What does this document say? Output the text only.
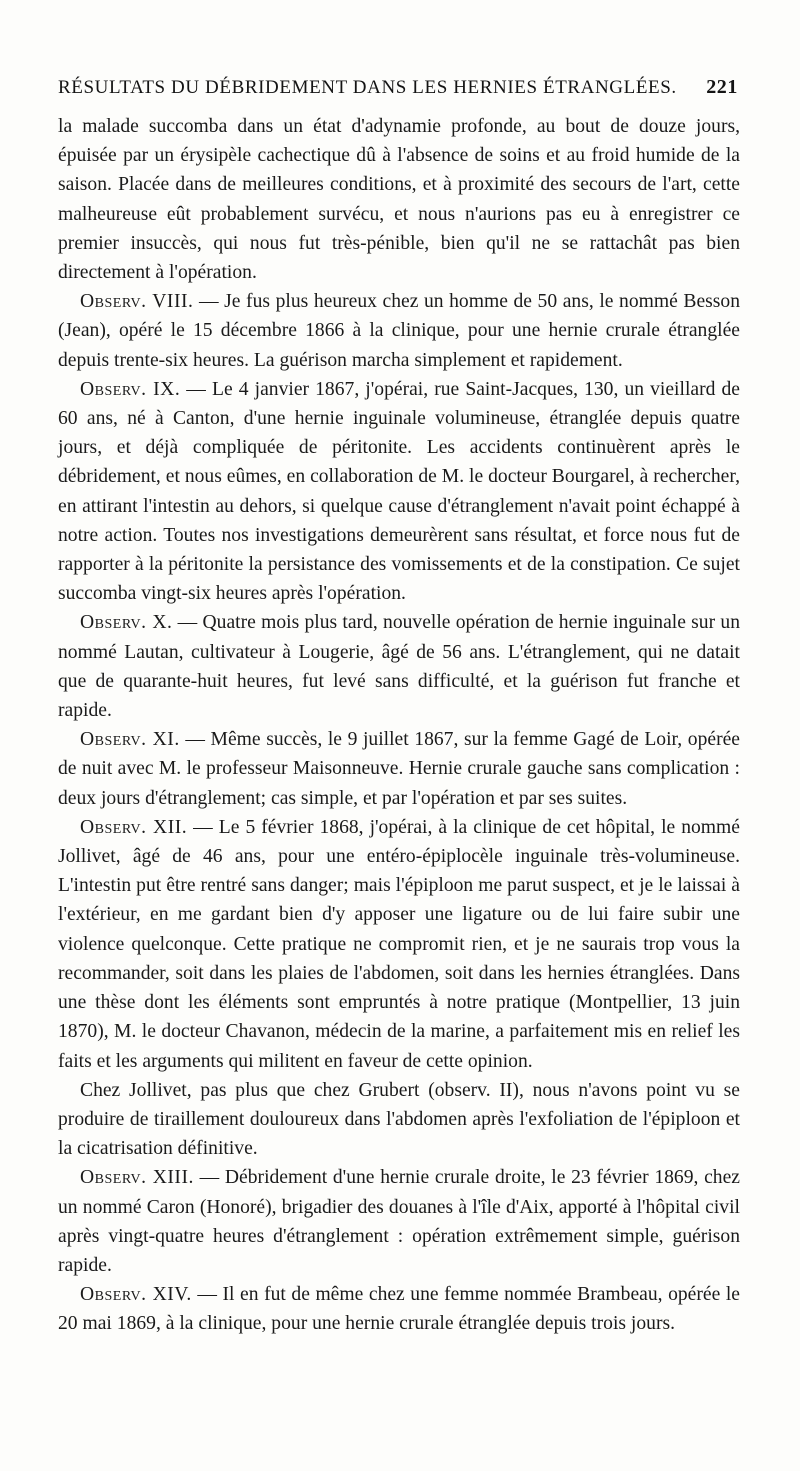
RÉSULTATS DU DÉBRIDEMENT DANS LES HERNIES ÉTRANGLÉES. 221

la malade succomba dans un état d'adynamie profonde, au bout de douze jours, épuisée par un érysipèle cachectique dû à l'absence de soins et au froid humide de la saison. Placée dans de meilleures conditions, et à proximité des secours de l'art, cette malheureuse eût probablement survécu, et nous n'aurions pas eu à enregistrer ce premier insuccès, qui nous fut très-pénible, bien qu'il ne se rattachât pas bien directement à l'opération.

Observ. VIII. — Je fus plus heureux chez un homme de 50 ans, le nommé Besson (Jean), opéré le 15 décembre 1866 à la clinique, pour une hernie crurale étranglée depuis trente-six heures. La guérison marcha simplement et rapidement.

Observ. IX. — Le 4 janvier 1867, j'opérai, rue Saint-Jacques, 130, un vieillard de 60 ans, né à Canton, d'une hernie inguinale volumineuse, étranglée depuis quatre jours, et déjà compliquée de péritonite. Les accidents continuèrent après le débridement, et nous eûmes, en collaboration de M. le docteur Bourgarel, à rechercher, en attirant l'intestin au dehors, si quelque cause d'étranglement n'avait point échappé à notre action. Toutes nos investigations demeurèrent sans résultat, et force nous fut de rapporter à la péritonite la persistance des vomissements et de la constipation. Ce sujet succomba vingt-six heures après l'opération.

Observ. X. — Quatre mois plus tard, nouvelle opération de hernie inguinale sur un nommé Lautan, cultivateur à Lougerie, âgé de 56 ans. L'étranglement, qui ne datait que de quarante-huit heures, fut levé sans difficulté, et la guérison fut franche et rapide.

Observ. XI. — Même succès, le 9 juillet 1867, sur la femme Gagé de Loir, opérée de nuit avec M. le professeur Maisonneuve. Hernie crurale gauche sans complication : deux jours d'étranglement; cas simple, et par l'opération et par ses suites.

Observ. XII. — Le 5 février 1868, j'opérai, à la clinique de cet hôpital, le nommé Jollivet, âgé de 46 ans, pour une entéro-épiplocèle inguinale très-volumineuse. L'intestin put être rentré sans danger; mais l'épiploon me parut suspect, et je le laissai à l'extérieur, en me gardant bien d'y apposer une ligature ou de lui faire subir une violence quelconque. Cette pratique ne compromit rien, et je ne saurais trop vous la recommander, soit dans les plaies de l'abdomen, soit dans les hernies étranglées. Dans une thèse dont les éléments sont empruntés à notre pratique (Montpellier, 13 juin 1870), M. le docteur Chavanon, médecin de la marine, a parfaitement mis en relief les faits et les arguments qui militent en faveur de cette opinion.

Chez Jollivet, pas plus que chez Grubert (observ. II), nous n'avons point vu se produire de tiraillement douloureux dans l'abdomen après l'exfoliation de l'épiploon et la cicatrisation définitive.

Observ. XIII. — Débridement d'une hernie crurale droite, le 23 février 1869, chez un nommé Caron (Honoré), brigadier des douanes à l'île d'Aix, apporté à l'hôpital civil après vingt-quatre heures d'étranglement : opération extrêmement simple, guérison rapide.

Observ. XIV. — Il en fut de même chez une femme nommée Brambeau, opérée le 20 mai 1869, à la clinique, pour une hernie crurale étranglée depuis trois jours.
